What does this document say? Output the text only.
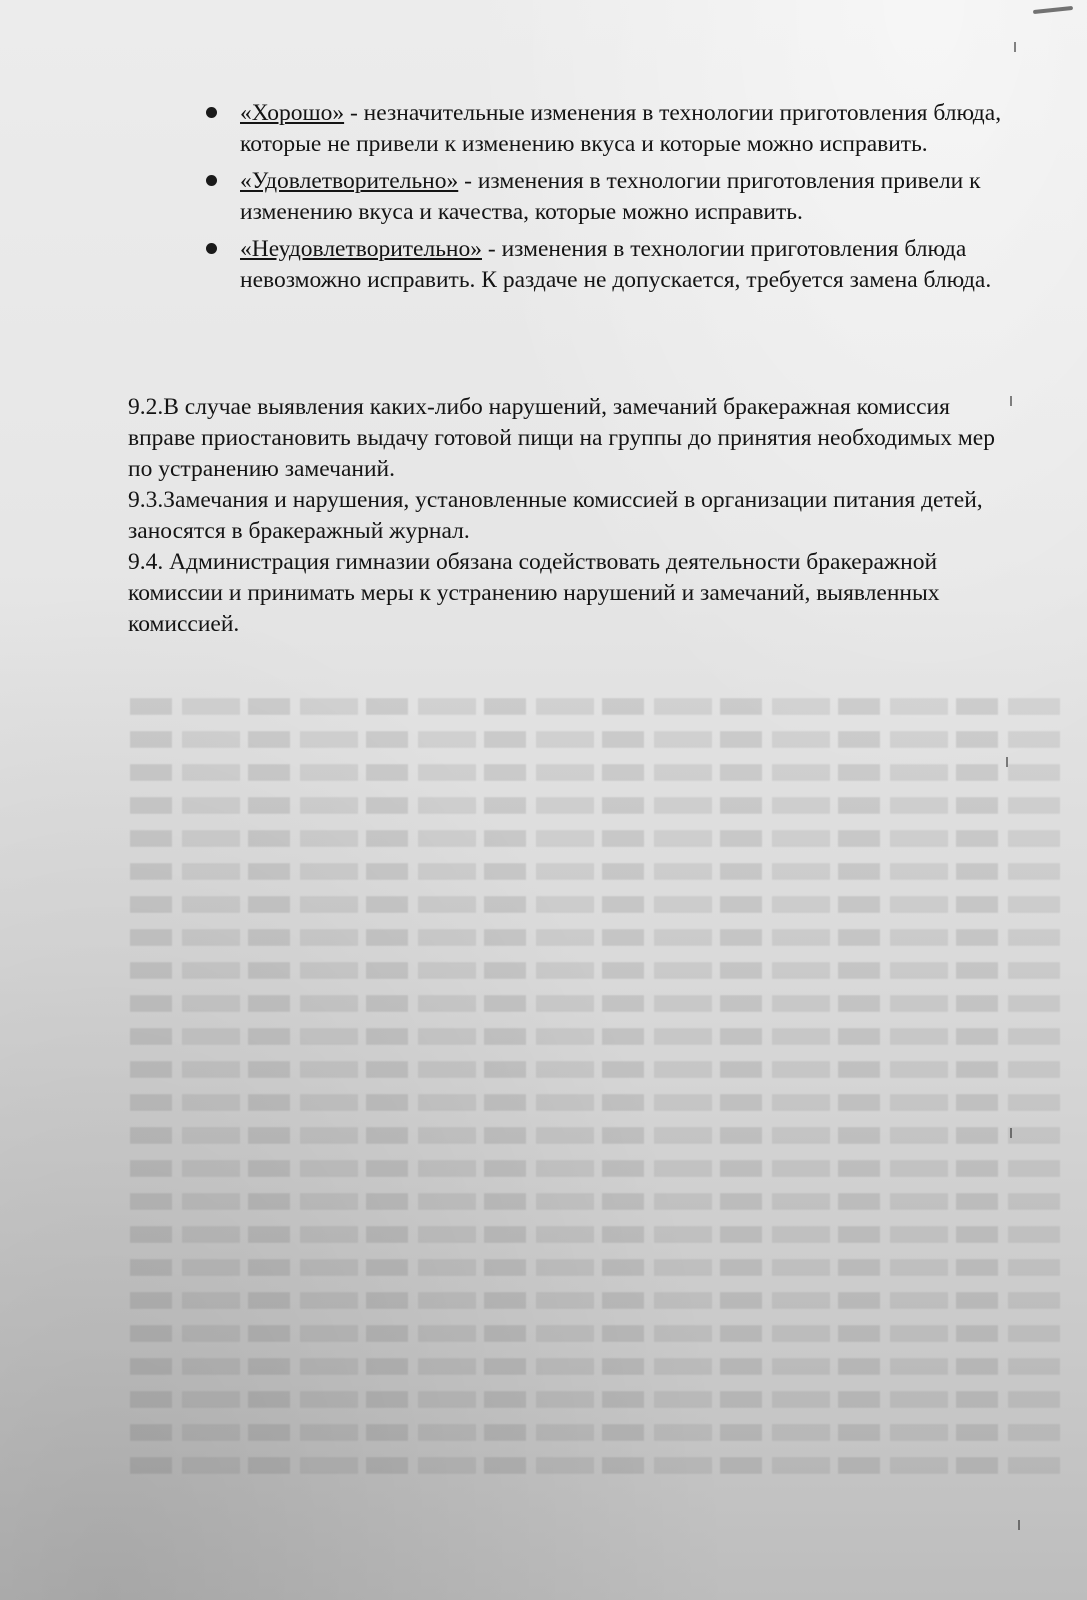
«Хорошо» - незначительные изменения в технологии приготовления блюда, которые не привели к изменению вкуса и которые можно исправить.
«Удовлетворительно» - изменения в технологии приготовления привели к изменению вкуса и качества, которые можно исправить.
«Неудовлетворительно» - изменения в технологии приготовления блюда невозможно исправить. К раздаче не допускается, требуется замена блюда.

9.2.В случае выявления каких-либо нарушений, замечаний бракеражная комиссия вправе приостановить выдачу готовой пищи на группы до принятия необходимых мер по устранению замечаний.

9.3.Замечания и нарушения, установленные комиссией в организации питания детей, заносятся в бракеражный журнал.

9.4. Администрация гимназии обязана содействовать деятельности бракеражной комиссии и принимать меры к устранению нарушений и замечаний, выявленных комиссией.
